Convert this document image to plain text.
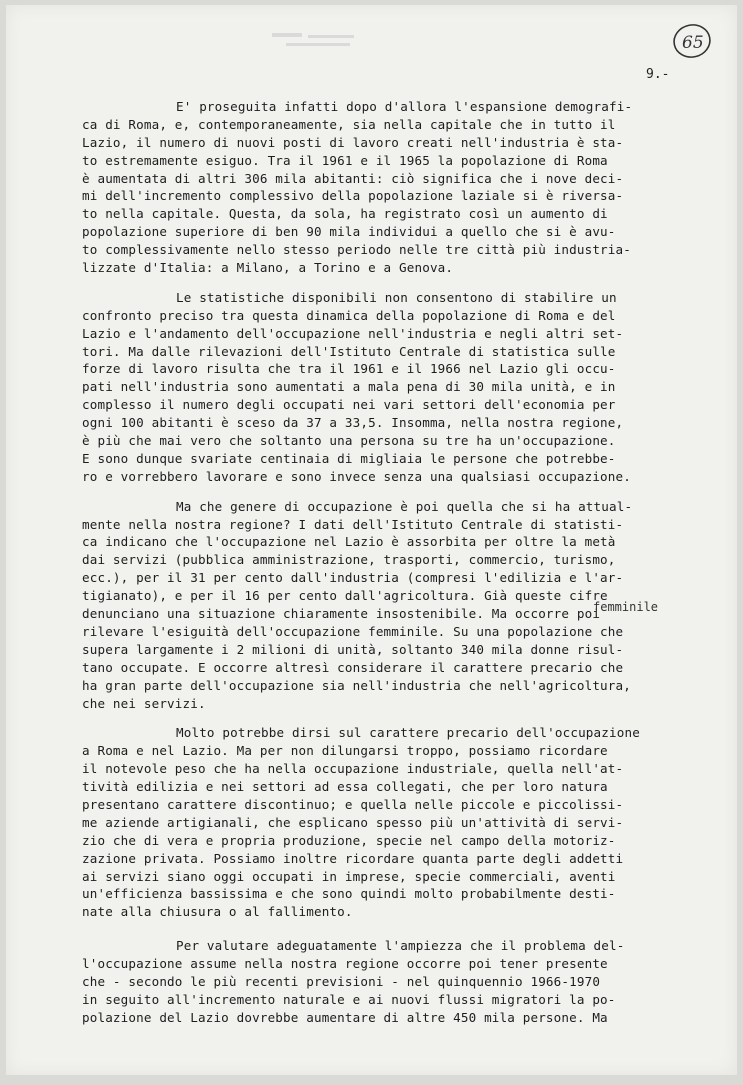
65
9.-

E' proseguita infatti dopo d'allora l'espansione demografi-
ca di Roma, e, contemporaneamente, sia nella capitale che in tutto il
Lazio, il numero di nuovi posti di lavoro creati nell'industria è sta-
to estremamente esiguo. Tra il 1961 e il 1965 la popolazione di Roma
è aumentata di altri 306 mila abitanti: ciò significa che i nove deci-
mi dell'incremento complessivo della popolazione laziale si è riversa-
to nella capitale. Questa, da sola, ha registrato così un aumento di
popolazione superiore di ben 90 mila individui a quello che si è avu-
to complessivamente nello stesso periodo nelle tre città più industria-
lizzate d'Italia: a Milano, a Torino e a Genova.

Le statistiche disponibili non consentono di stabilire un
confronto preciso tra questa dinamica della popolazione di Roma e del
Lazio e l'andamento dell'occupazione nell'industria e negli altri set-
tori. Ma dalle rilevazioni dell'Istituto Centrale di statistica sulle
forze di lavoro risulta che tra il 1961 e il 1966 nel Lazio gli occu-
pati nell'industria sono aumentati a mala pena di 30 mila unità, e in
complesso il numero degli occupati nei vari settori dell'economia per
ogni 100 abitanti è sceso da 37 a 33,5. Insomma, nella nostra regione,
è più che mai vero che soltanto una persona su tre ha un'occupazione.
E sono dunque svariate centinaia di migliaia le persone che potrebbe-
ro e vorrebbero lavorare e sono invece senza una qualsiasi occupazione.

Ma che genere di occupazione è poi quella che si ha attual-
mente nella nostra regione? I dati dell'Istituto Centrale di statisti-
ca indicano che l'occupazione nel Lazio è assorbita per oltre la metà
dai servizi (pubblica amministrazione, trasporti, commercio, turismo,
ecc.), per il 31 per cento dall'industria (compresi l'edilizia e l'ar-
tigianato), e per il 16 per cento dall'agricoltura. Già queste cifre
denunciano una situazione chiaramente insostenibile. Ma occorre poi
rilevare l'esiguità dell'occupazione femminile. Su una popolazione che
supera largamente i 2 milioni di unità, soltanto 340 mila donne risul-
tano occupate. E occorre altresì considerare il carattere precario che
ha gran parte dell'occupazione sia nell'industria che nell'agricoltura,
che nei servizi.

Molto potrebbe dirsi sul carattere precario dell'occupazione
a Roma e nel Lazio. Ma per non dilungarsi troppo, possiamo ricordare
il notevole peso che ha nella occupazione industriale, quella nell'at-
tività edilizia e nei settori ad essa collegati, che per loro natura
presentano carattere discontinuo; e quella nelle piccole e piccolissi-
me aziende artigianali, che esplicano spesso più un'attività di servi-
zio che di vera e propria produzione, specie nel campo della motoriz-
zazione privata. Possiamo inoltre ricordare quanta parte degli addetti
ai servizi siano oggi occupati in imprese, specie commerciali, aventi
un'efficienza bassissima e che sono quindi molto probabilmente desti-
nate alla chiusura o al fallimento.

Per valutare adeguatamente l'ampiezza che il problema del-
l'occupazione assume nella nostra regione occorre poi tener presente
che - secondo le più recenti previsioni - nel quinquennio 1966-1970
in seguito all'incremento naturale e ai nuovi flussi migratori la po-
polazione del Lazio dovrebbe aumentare di altre 450 mila persone. Ma

femminile
